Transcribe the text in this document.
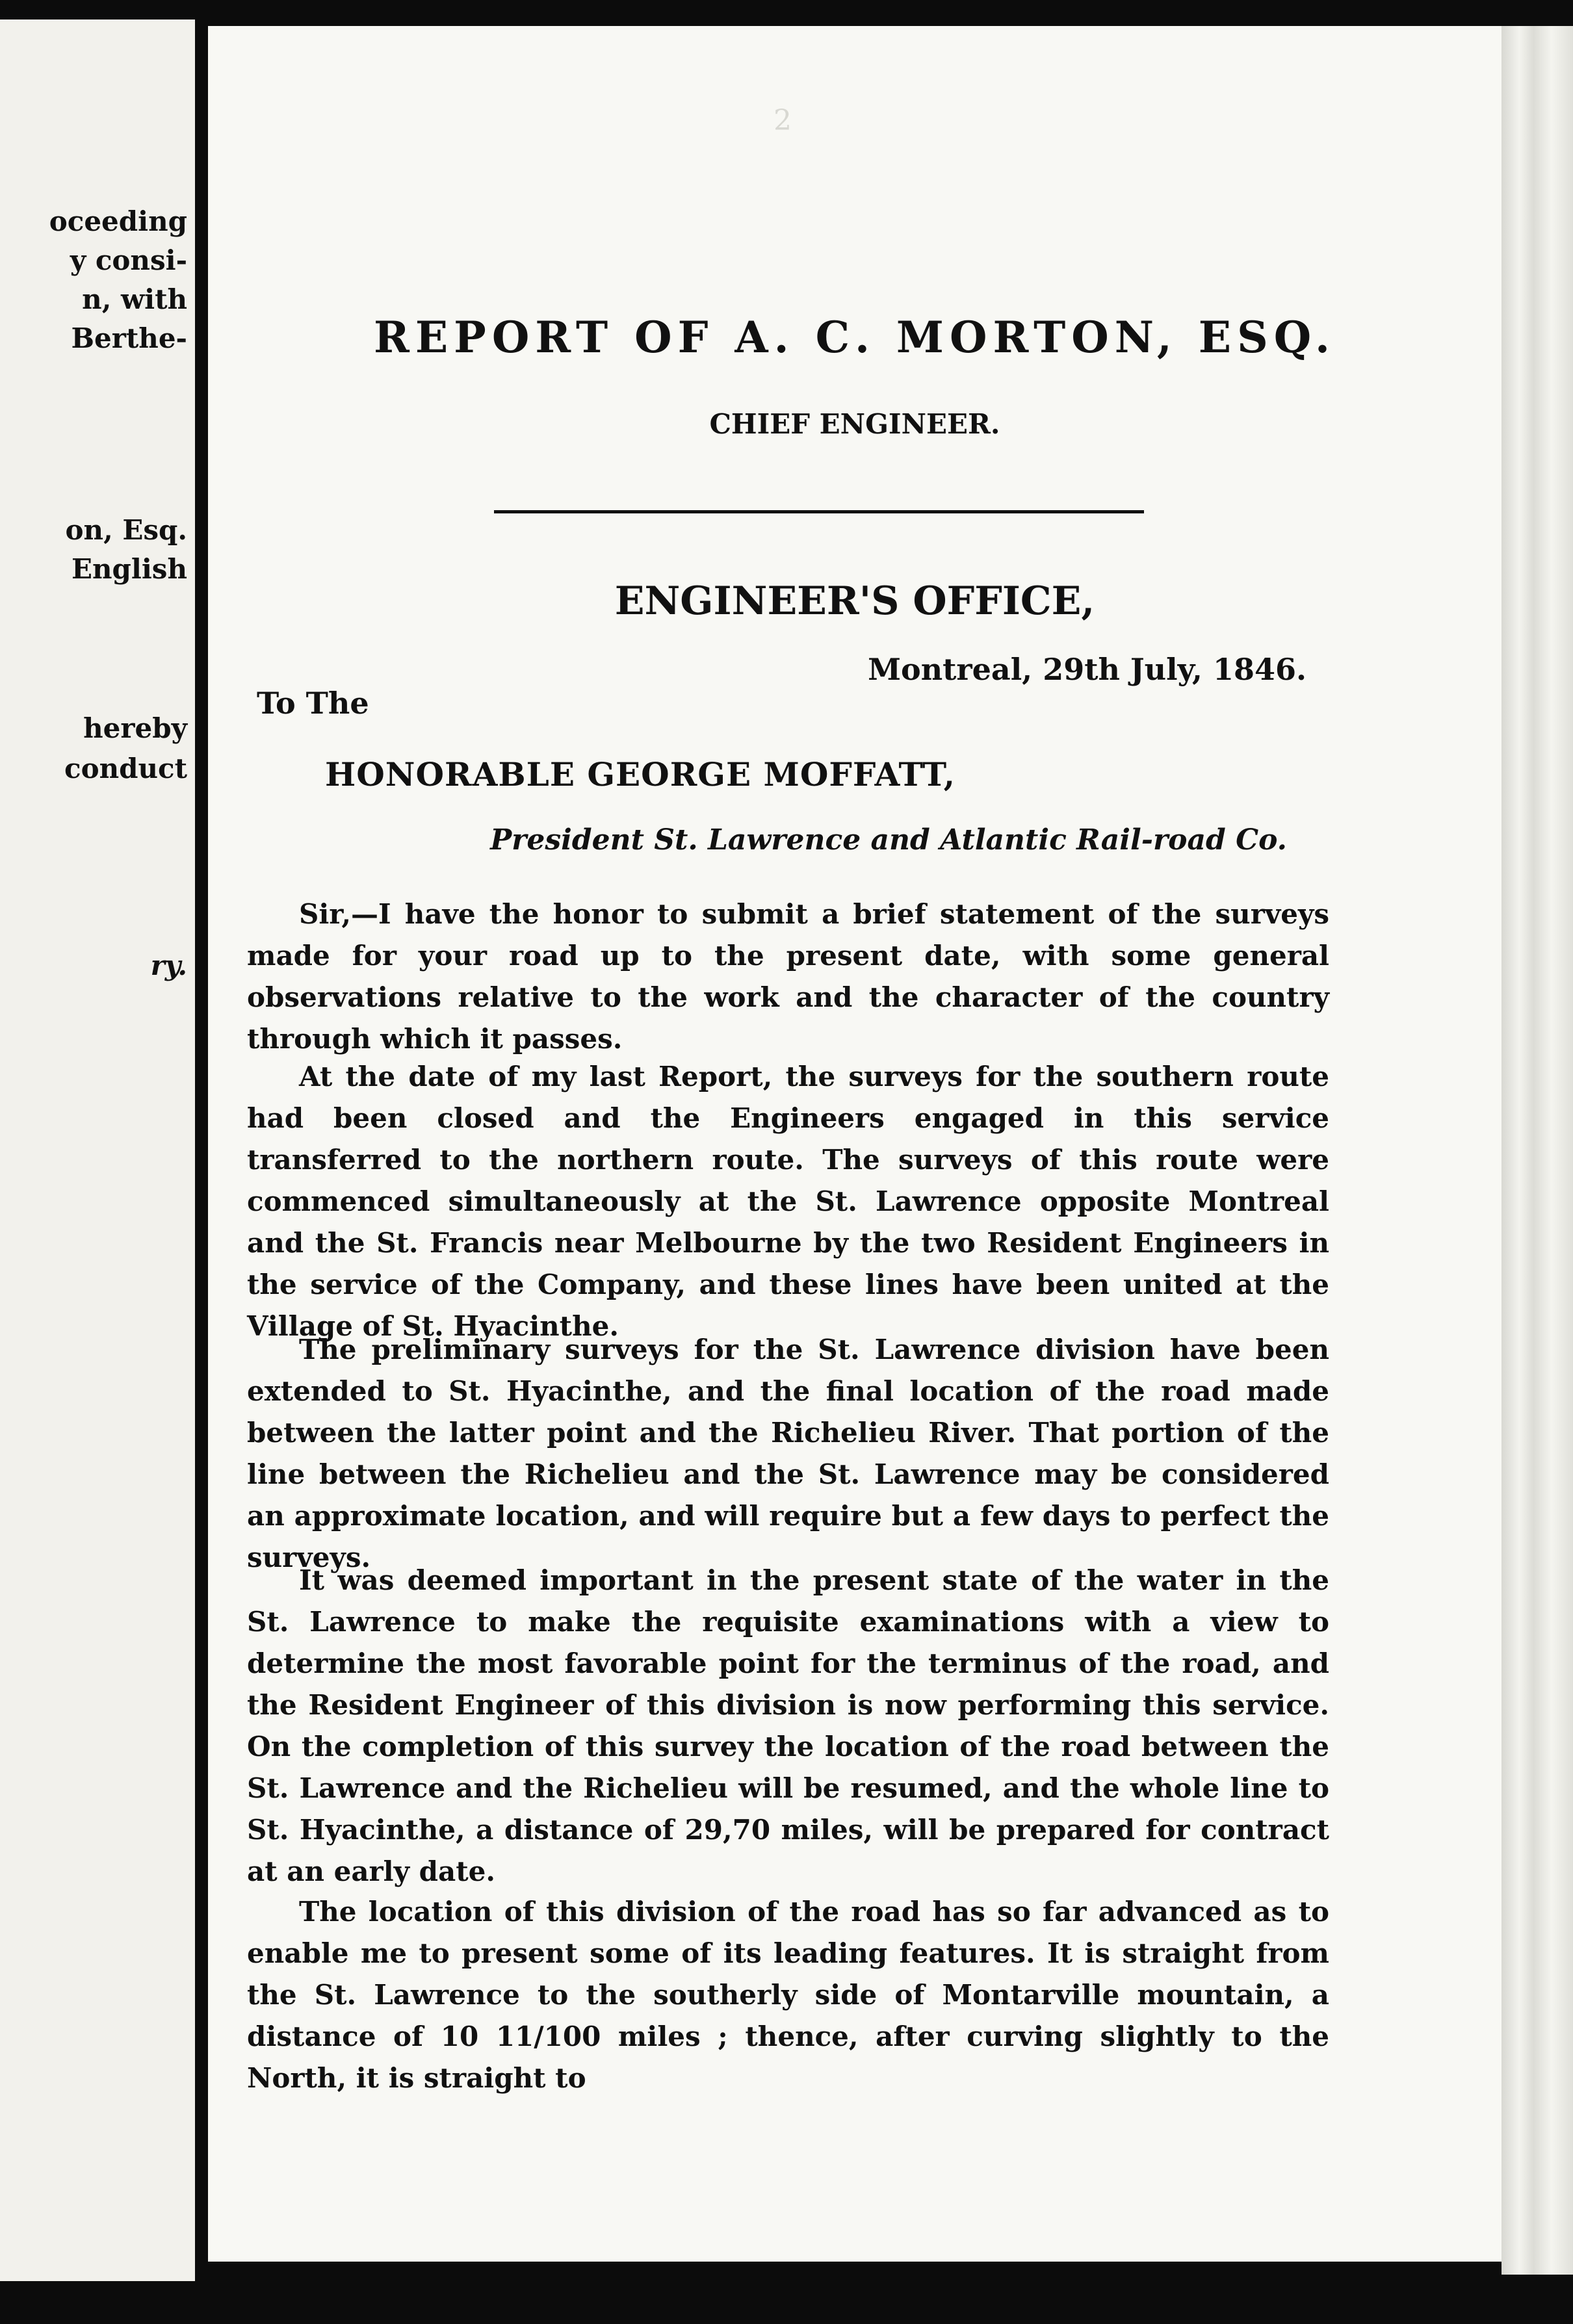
oceeding
y consi-
n, with
Berthe-
on, Esq.
English
hereby
conduct
ry.
2
REPORT OF A. C. MORTON, ESQ.
CHIEF ENGINEER.
ENGINEER'S OFFICE,
Montreal, 29th July, 1846.
To The
HONORABLE GEORGE MOFFATT,
President St. Lawrence and Atlantic Rail-road Co.

Sir,—I have the honor to submit a brief statement of the surveys made for your road up to the present date, with some general observations relative to the work and the character of the country through which it passes.

At the date of my last Report, the surveys for the southern route had been closed and the Engineers engaged in this service transferred to the northern route. The surveys of this route were commenced simultaneously at the St. Lawrence opposite Montreal and the St. Francis near Melbourne by the two Resident Engineers in the service of the Company, and these lines have been united at the Village of St. Hyacinthe.

The preliminary surveys for the St. Lawrence division have been extended to St. Hyacinthe, and the final location of the road made between the latter point and the Richelieu River. That portion of the line between the Richelieu and the St. Lawrence may be considered an approximate location, and will require but a few days to perfect the surveys.

It was deemed important in the present state of the water in the St. Lawrence to make the requisite examinations with a view to determine the most favorable point for the terminus of the road, and the Resident Engineer of this division is now performing this service. On the completion of this survey the location of the road between the St. Lawrence and the Richelieu will be resumed, and the whole line to St. Hyacinthe, a distance of 29,70 miles, will be prepared for contract at an early date.

The location of this division of the road has so far advanced as to enable me to present some of its leading features. It is straight from the St. Lawrence to the southerly side of Montarville mountain, a distance of 10 11/100 miles ; thence, after curving slightly to the North, it is straight to
